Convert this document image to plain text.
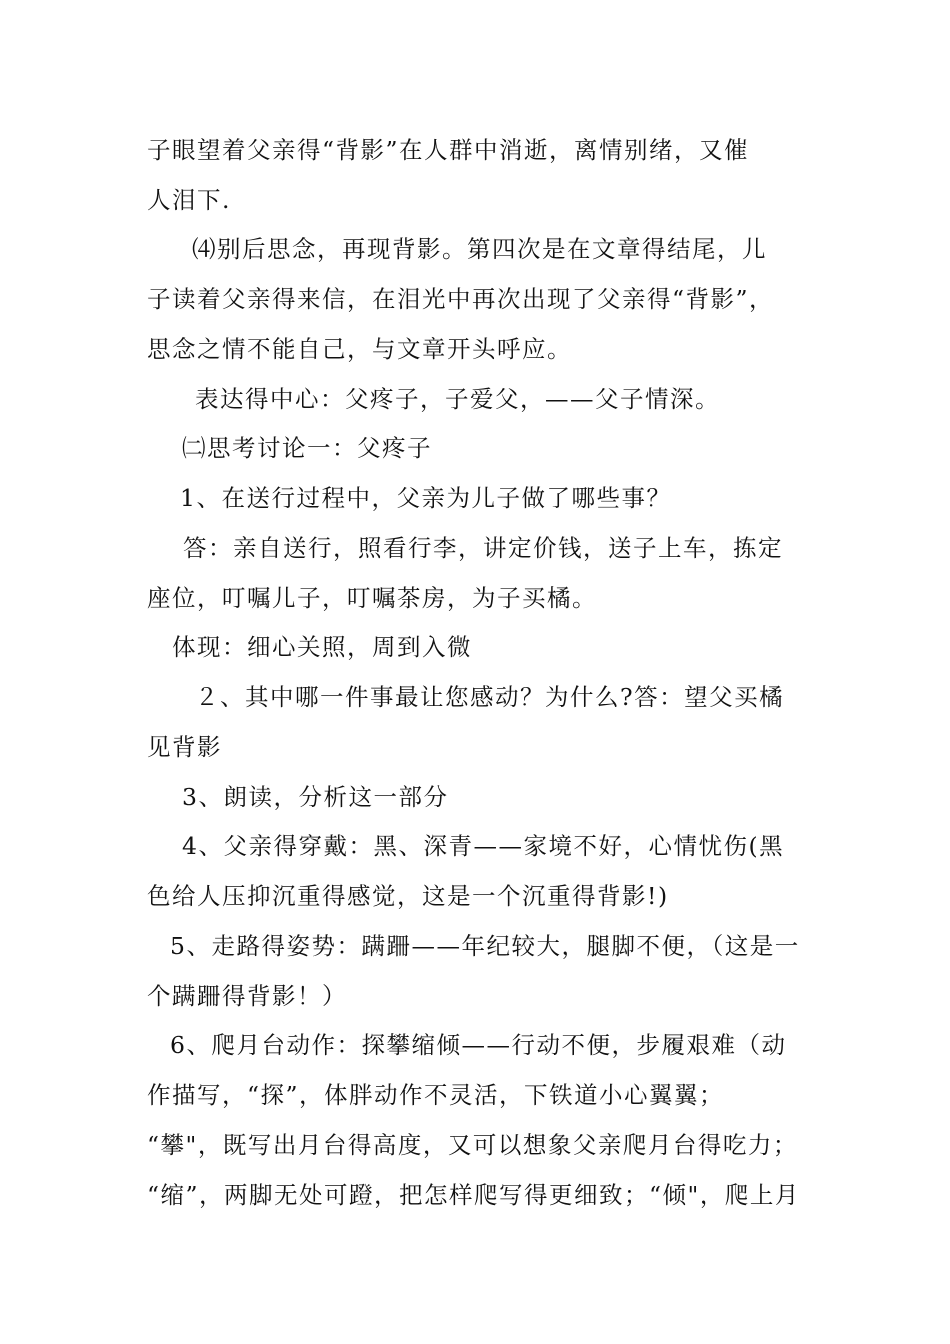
子眼望着父亲得“背影”在人群中消逝，离情别绪，又催
人泪下.
⑷别后思念，再现背影。第四次是在文章得结尾，儿
子读着父亲得来信，在泪光中再次出现了父亲得“背影”，
思念之情不能自己，与文章开头呼应。
表达得中心：父疼子，子爱父，——父子情深。
㈡思考讨论一：父疼子
1、在送行过程中，父亲为儿子做了哪些事？
答：亲自送行，照看行李，讲定价钱，送子上车，拣定
座位，叮嘱儿子，叮嘱茶房，为子买橘。
体现：细心关照，周到入微
２、其中哪一件事最让您感动？为什么?答：望父买橘
见背影
3、朗读，分析这一部分
4、父亲得穿戴：黑、深青——家境不好，心情忧伤(黑
色给人压抑沉重得感觉，这是一个沉重得背影!)
5、走路得姿势：蹒跚——年纪较大，腿脚不便，（这是一
个蹒跚得背影！）
6、爬月台动作：探攀缩倾——行动不便，步履艰难（动
作描写，“探”，体胖动作不灵活，下铁道小心翼翼；
“攀"，既写出月台得高度，又可以想象父亲爬月台得吃力；
“缩”，两脚无处可蹬，把怎样爬写得更细致；“倾"，爬上月
